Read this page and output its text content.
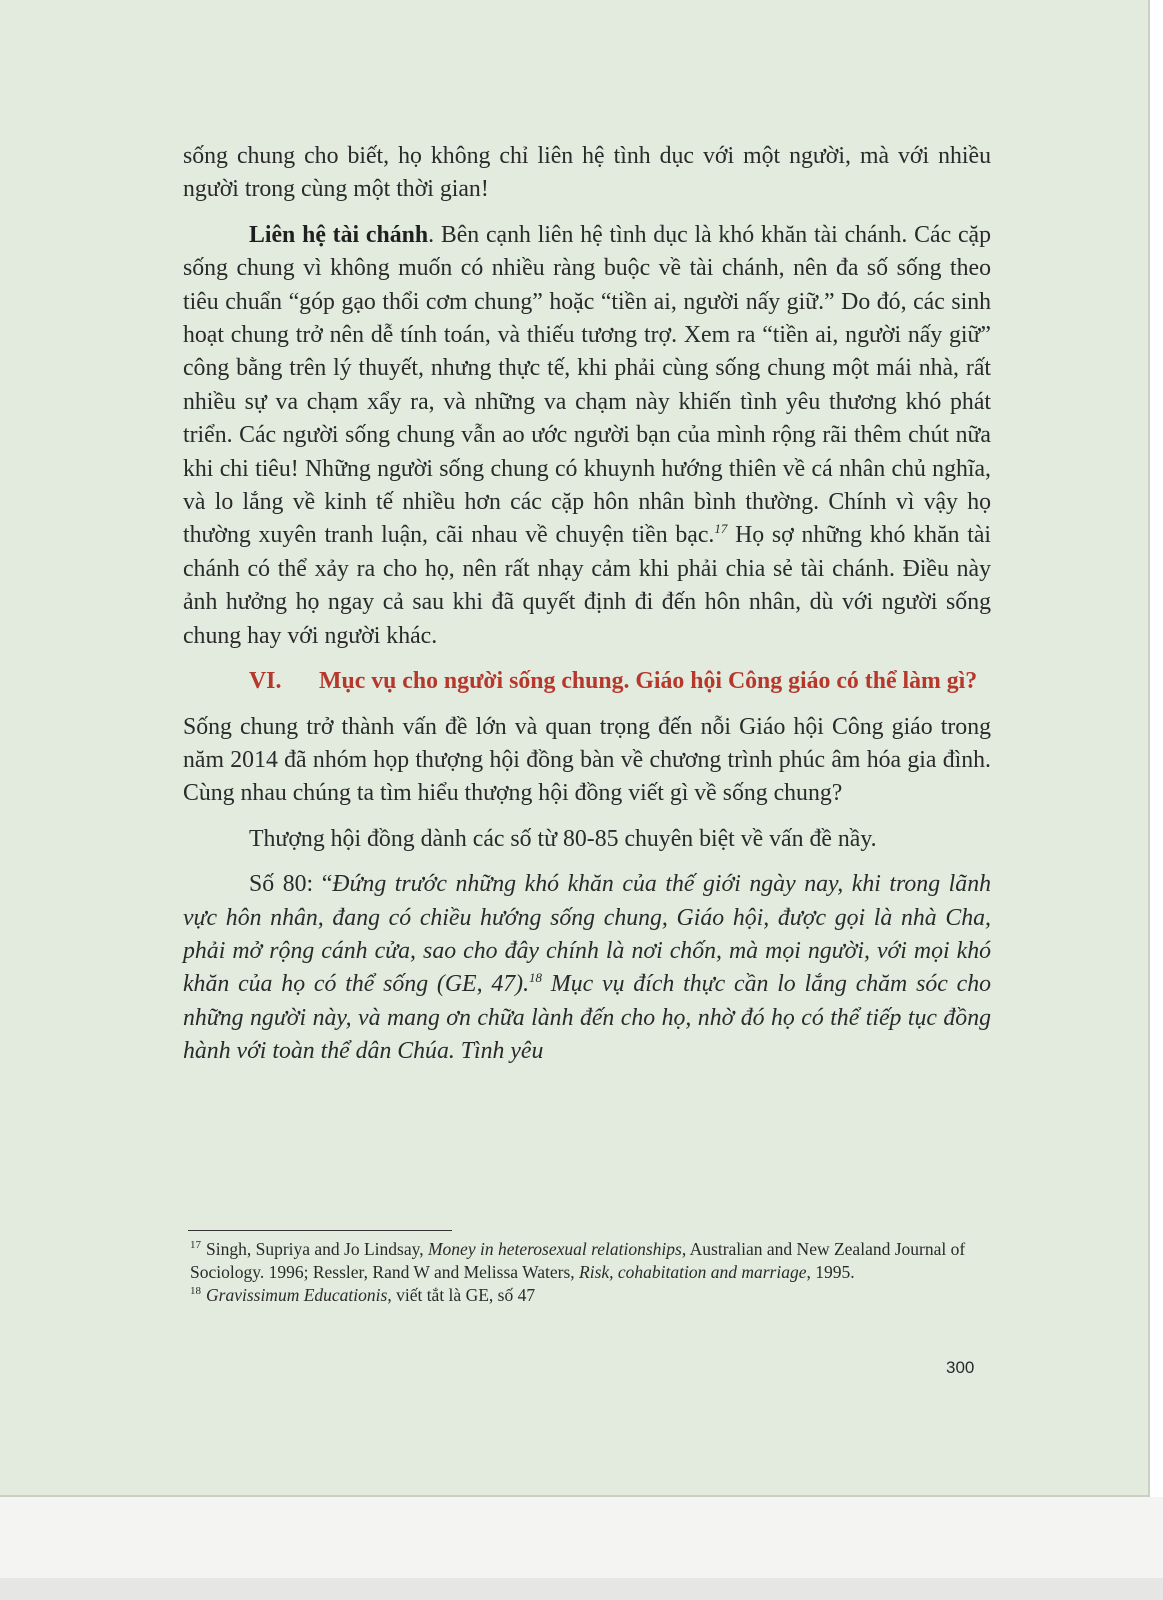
sống chung cho biết, họ không chỉ liên hệ tình dục với một người, mà với nhiều người trong cùng một thời gian!

Liên hệ tài chánh. Bên cạnh liên hệ tình dục là khó khăn tài chánh. Các cặp sống chung vì không muốn có nhiều ràng buộc về tài chánh, nên đa số sống theo tiêu chuẩn “góp gạo thổi cơm chung” hoặc “tiền ai, người nấy giữ.” Do đó, các sinh hoạt chung trở nên dễ tính toán, và thiếu tương trợ. Xem ra “tiền ai, người nấy giữ” công bằng trên lý thuyết, nhưng thực tế, khi phải cùng sống chung một mái nhà, rất nhiều sự va chạm xẩy ra, và những va chạm này khiến tình yêu thương khó phát triển. Các người sống chung vẫn ao ước người bạn của mình rộng rãi thêm chút nữa khi chi tiêu! Những người sống chung có khuynh hướng thiên về cá nhân chủ nghĩa, và lo lắng về kinh tế nhiều hơn các cặp hôn nhân bình thường. Chính vì vậy họ thường xuyên tranh luận, cãi nhau về chuyện tiền bạc.$^{17}$ Họ sợ những khó khăn tài chánh có thể xảy ra cho họ, nên rất nhạy cảm khi phải chia sẻ tài chánh. Điều này ảnh hưởng họ ngay cả sau khi đã quyết định đi đến hôn nhân, dù với người sống chung hay với người khác.

VI. Mục vụ cho người sống chung. Giáo hội Công giáo có thể làm gì?

Sống chung trở thành vấn đề lớn và quan trọng đến nỗi Giáo hội Công giáo trong năm 2014 đã nhóm họp thượng hội đồng bàn về chương trình phúc âm hóa gia đình. Cùng nhau chúng ta tìm hiểu thượng hội đồng viết gì về sống chung?

Thượng hội đồng dành các số từ 80-85 chuyên biệt về vấn đề nầy.

Số 80: “Đứng trước những khó khăn của thế giới ngày nay, khi trong lãnh vực hôn nhân, đang có chiều hướng sống chung, Giáo hội, được gọi là nhà Cha, phải mở rộng cánh cửa, sao cho đây chính là nơi chốn, mà mọi người, với mọi khó khăn của họ có thể sống (GE, 47).$^{18}$ Mục vụ đích thực cần lo lắng chăm sóc cho những người này, và mang ơn chữa lành đến cho họ, nhờ đó họ có thể tiếp tục đồng hành với toàn thể dân Chúa. Tình yêu

$^{17}$ Singh, Supriya and Jo Lindsay, Money in heterosexual relationships, Australian and New Zealand Journal of Sociology. 1996; Ressler, Rand W and Melissa Waters, Risk, cohabitation and marriage, 1995.

$^{18}$ Gravissimum Educationis, viết tắt là GE, số 47

300
